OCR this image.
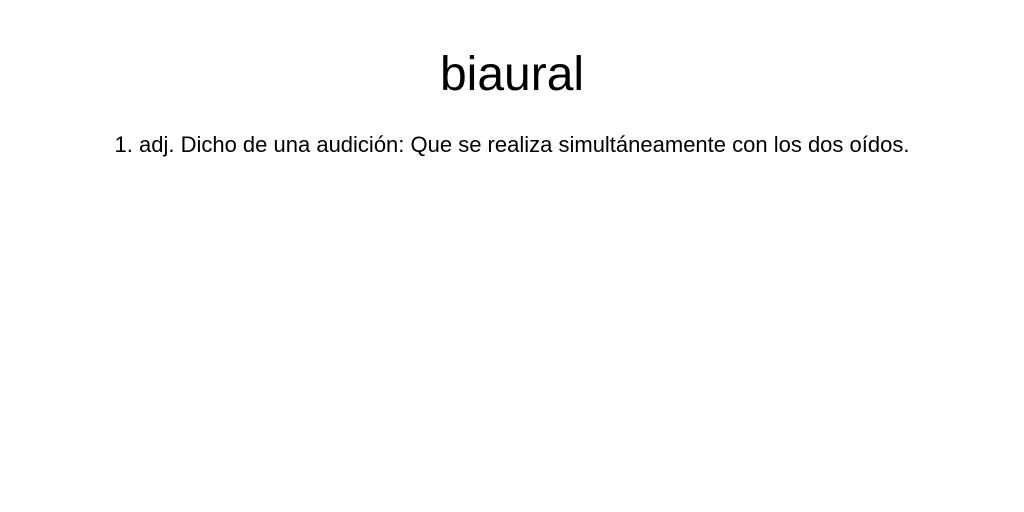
biaural

1. adj. Dicho de una audición: Que se realiza simultáneamente con los dos oídos.
